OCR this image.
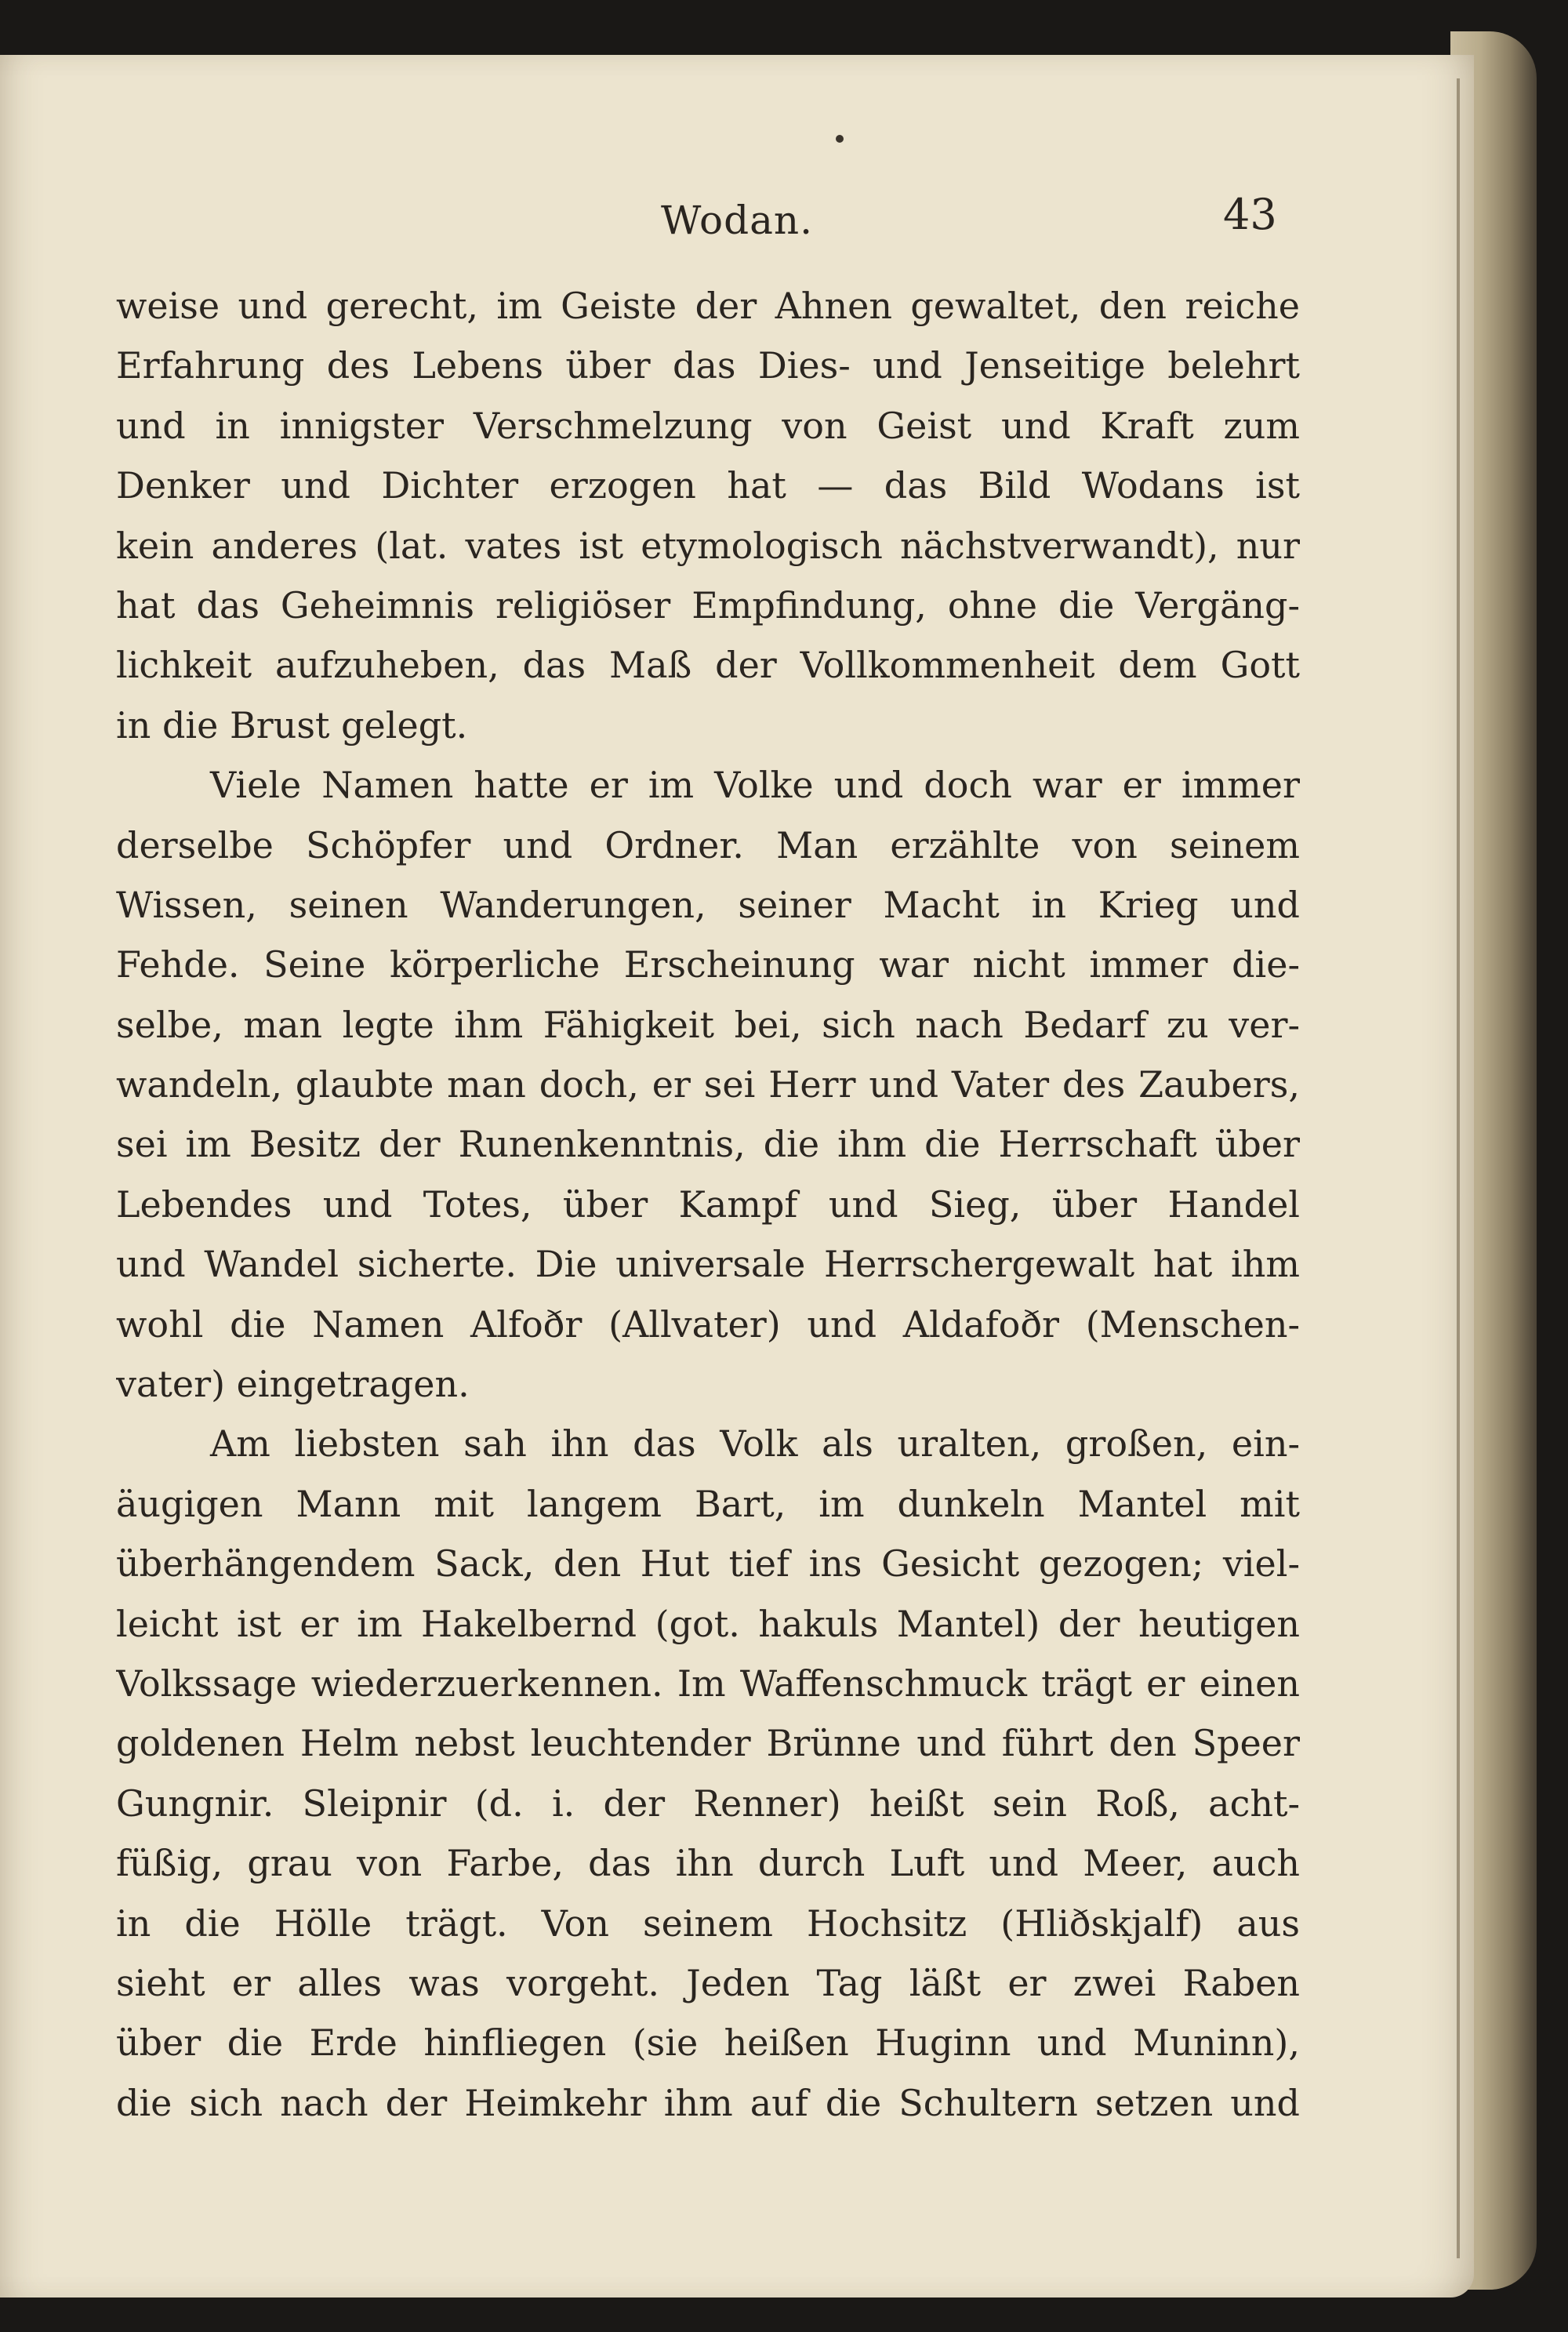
Wodan.	43
weise und gerecht, im Geiste der Ahnen gewaltet, den reiche
Erfahrung des Lebens über das Dies- und Jenseitige belehrt
und in innigster Verschmelzung von Geist und Kraft zum
Denker und Dichter erzogen hat — das Bild Wodans ist
kein anderes (lat. vates ist etymologisch nächstverwandt), nur
hat das Geheimnis religiöser Empfindung, ohne die Vergäng-
lichkeit aufzuheben, das Maß der Vollkommenheit dem Gott
in die Brust gelegt.
Viele Namen hatte er im Volke und doch war er immer
derselbe Schöpfer und Ordner. Man erzählte von seinem
Wissen, seinen Wanderungen, seiner Macht in Krieg und
Fehde. Seine körperliche Erscheinung war nicht immer die-
selbe, man legte ihm Fähigkeit bei, sich nach Bedarf zu ver-
wandeln, glaubte man doch, er sei Herr und Vater des Zaubers,
sei im Besitz der Runenkenntnis, die ihm die Herrschaft über
Lebendes und Totes, über Kampf und Sieg, über Handel
und Wandel sicherte. Die universale Herrschergewalt hat ihm
wohl die Namen Alfoðr (Allvater) und Aldafoðr (Menschen-
vater) eingetragen.
Am liebsten sah ihn das Volk als uralten, großen, ein-
äugigen Mann mit langem Bart, im dunkeln Mantel mit
überhängendem Sack, den Hut tief ins Gesicht gezogen; viel-
leicht ist er im Hakelbernd (got. hakuls Mantel) der heutigen
Volkssage wiederzuerkennen. Im Waffenschmuck trägt er einen
goldenen Helm nebst leuchtender Brünne und führt den Speer
Gungnir. Sleipnir (d. i. der Renner) heißt sein Roß, acht-
füßig, grau von Farbe, das ihn durch Luft und Meer, auch
in die Hölle trägt. Von seinem Hochsitz (Hliðskjalf) aus
sieht er alles was vorgeht. Jeden Tag läßt er zwei Raben
über die Erde hinfliegen (sie heißen Huginn und Muninn),
die sich nach der Heimkehr ihm auf die Schultern setzen und
